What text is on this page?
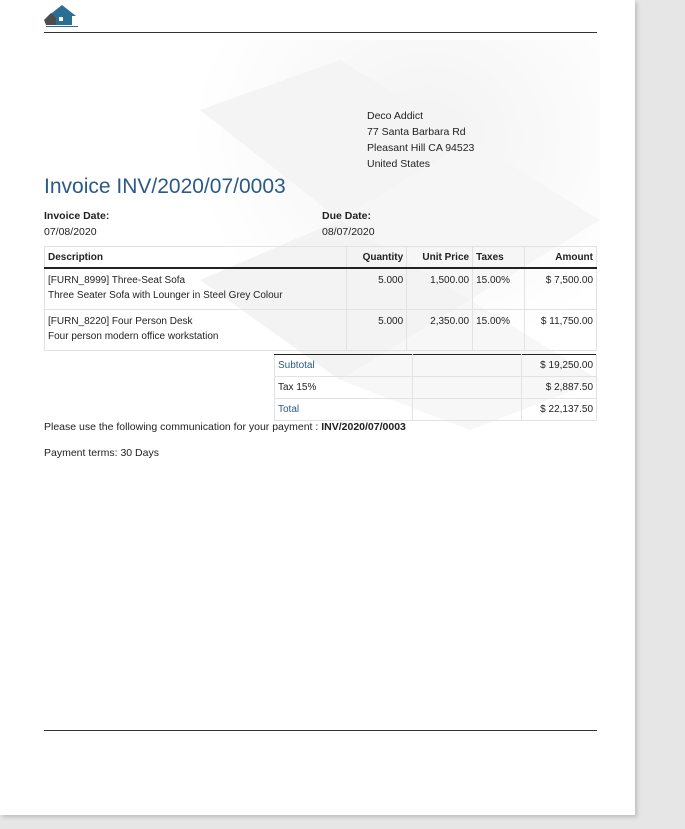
Deco Addict
77 Santa Barbara Rd
Pleasant Hill CA 94523
United States
Invoice INV/2020/07/0003
Invoice Date:
07/08/2020
Due Date:
08/07/2020
Description	Quantity	Unit Price	Taxes	Amount

[FURN_8999] Three-Seat Sofa
Three Seater Sofa with Lounger in Steel Grey Colour	5.000	1,500.00	15.00%	$ 7,500.00

[FURN_8220] Four Person Desk
Four person modern office workstation	5.000	2,350.00	15.00%	$ 11,750.00
Subtotal		$ 19,250.00
Tax 15%		$ 2,887.50
Total		$ 22,137.50
Please use the following communication for your payment : INV/2020/07/0003
Payment terms: 30 Days
